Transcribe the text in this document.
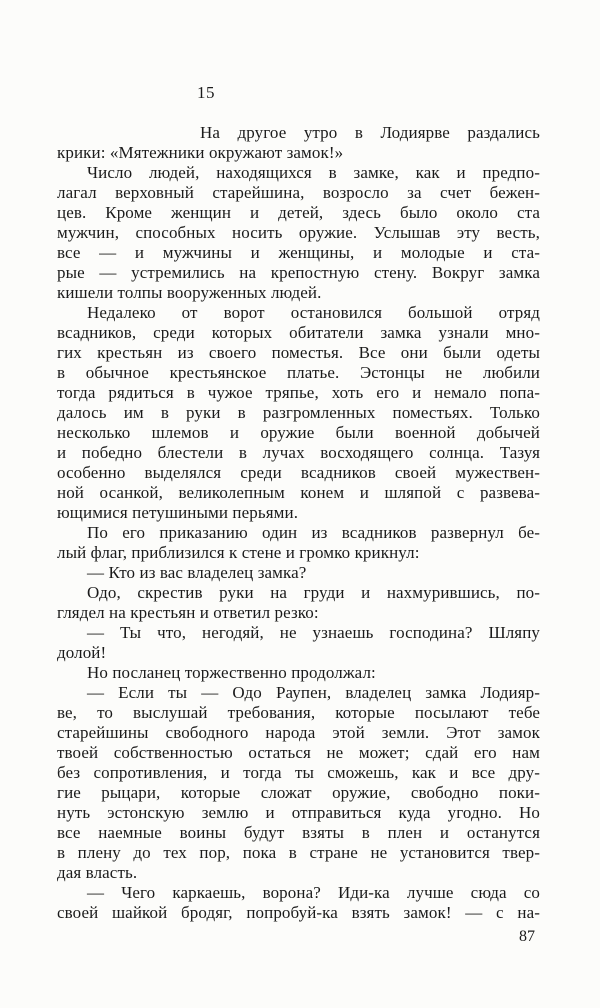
15
На другое утро в Лодиярве раздались
крики: «Мятежники окружают замок!»
Число людей, находящихся в замке, как и предпо-
лагал верховный старейшина, возросло за счет бежен-
цев. Кроме женщин и детей, здесь было около ста
мужчин, способных носить оружие. Услышав эту весть,
все — и мужчины и женщины, и молодые и ста-
рые — устремились на крепостную стену. Вокруг замка
кишели толпы вооруженных людей.
Недалеко от ворот остановился большой отряд
всадников, среди которых обитатели замка узнали мно-
гих крестьян из своего поместья. Все они были одеты
в обычное крестьянское платье. Эстонцы не любили
тогда рядиться в чужое тряпье, хоть его и немало попа-
далось им в руки в разгромленных поместьях. Только
несколько шлемов и оружие были военной добычей
и победно блестели в лучах восходящего солнца. Тазуя
особенно выделялся среди всадников своей мужествен-
ной осанкой, великолепным конем и шляпой с развева-
ющимися петушиными перьями.
По его приказанию один из всадников развернул бе-
лый флаг, приблизился к стене и громко крикнул:
— Кто из вас владелец замка?
Одо, скрестив руки на груди и нахмурившись, по-
глядел на крестьян и ответил резко:
— Ты что, негодяй, не узнаешь господина? Шляпу
долой!
Но посланец торжественно продолжал:
— Если ты — Одо Раупен, владелец замка Лодияр-
ве, то выслушай требования, которые посылают тебе
старейшины свободного народа этой земли. Этот замок
твоей собственностью остаться не может; сдай его нам
без сопротивления, и тогда ты сможешь, как и все дру-
гие рыцари, которые сложат оружие, свободно поки-
нуть эстонскую землю и отправиться куда угодно. Но
все наемные воины будут взяты в плен и останутся
в плену до тех пор, пока в стране не установится твер-
дая власть.
— Чего каркаешь, ворона? Иди-ка лучше сюда со
своей шайкой бродяг, попробуй-ка взять замок! — с на-
87
